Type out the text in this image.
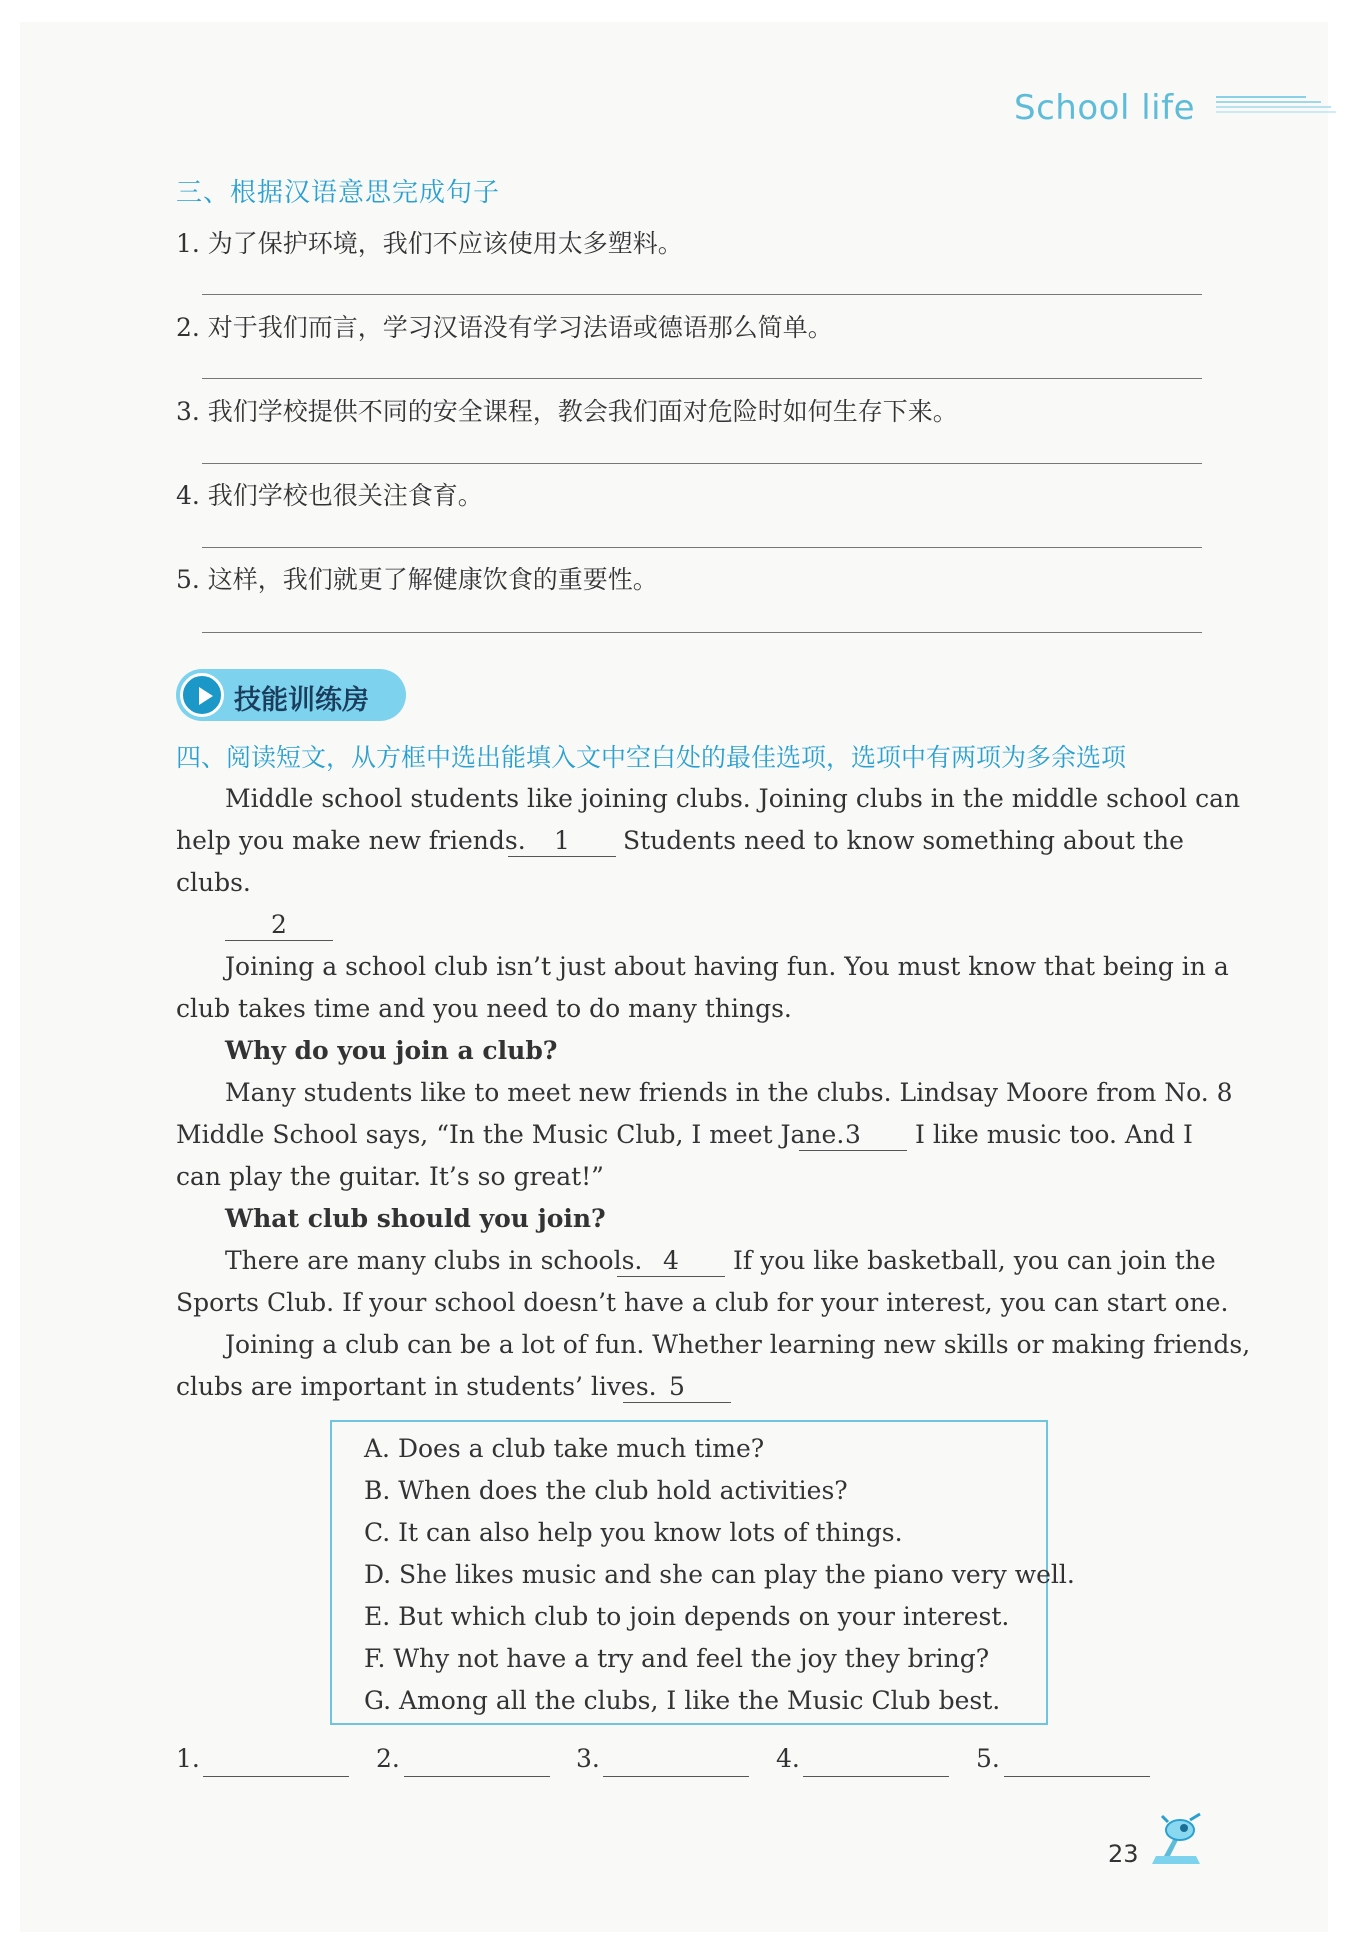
School life
三、根据汉语意思完成句子
1. 为了保护环境，我们不应该使用太多塑料。
2. 对于我们而言，学习汉语没有学习法语或德语那么简单。
3. 我们学校提供不同的安全课程，教会我们面对危险时如何生存下来。
4. 我们学校也很关注食育。
5. 这样，我们就更了解健康饮食的重要性。
技能训练房
四、阅读短文，从方框中选出能填入文中空白处的最佳选项，选项中有两项为多余选项
Middle school students like joining clubs. Joining clubs in the middle school can
help you make new friends.	1	Students need to know something about the
clubs.
2
Joining a school club isn’t just about having fun. You must know that being in a
club takes time and you need to do many things.
Why do you join a club?
Many students like to meet new friends in the clubs. Lindsay Moore from No. 8
Middle School says, “In the Music Club, I meet Jane. 3	I like music too. And I
can play the guitar. It’s so great!”
What club should you join?
There are many clubs in schools. 4	If you like basketball, you can join the
Sports Club. If your school doesn’t have a club for your interest, you can start one.
Joining a club can be a lot of fun. Whether learning new skills or making friends,
clubs are important in students’ lives. 5
A. Does a club take much time?
B. When does the club hold activities?
C. It can also help you know lots of things.
D. She likes music and she can play the piano very well.
E. But which club to join depends on your interest.
F. Why not have a try and feel the joy they bring?
G. Among all the clubs, I like the Music Club best.
1.	2.	3.	4.	5.
23
